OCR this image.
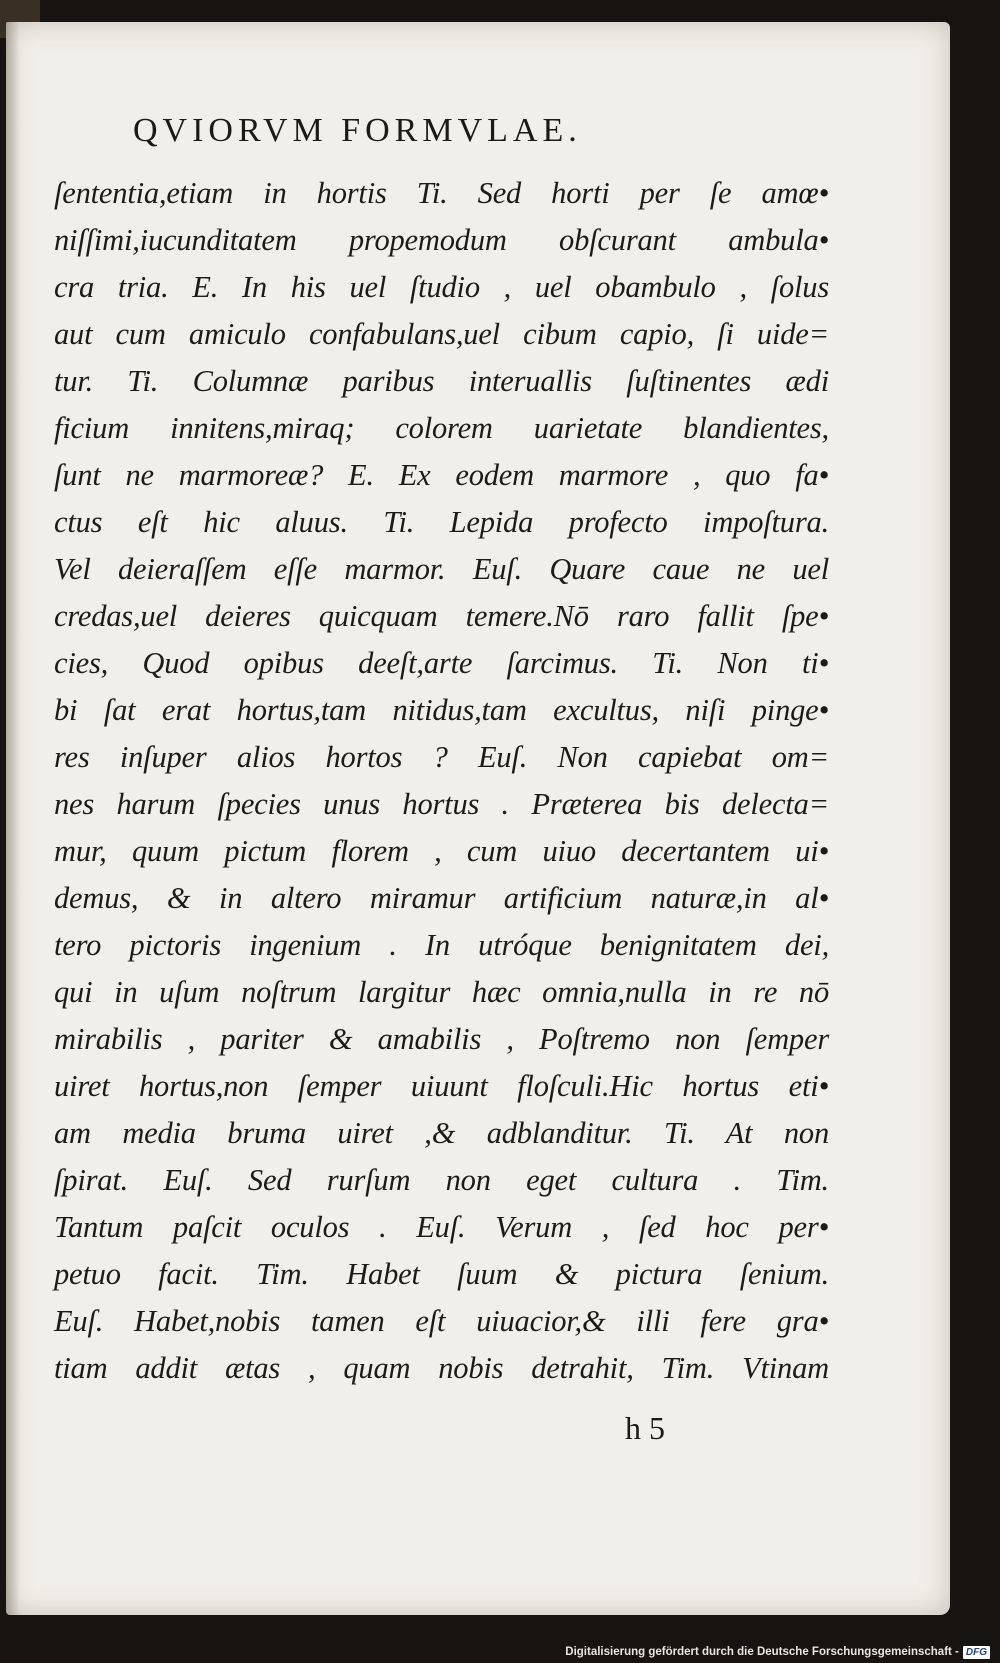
QVIORVM FORMVLAE.
ſententia,etiam in hortis Ti. Sed horti per ſe amœ•
niſſimi,iucunditatem propemodum obſcurant ambula•
cra tria. E. In his uel ſtudio , uel obambulo , ſolus
aut cum amiculo confabulans,uel cibum capio, ſi uide=
tur. Ti. Columnæ paribus interuallis ſuſtinentes ædi
ficium innitens,miraq; colorem uarietate blandientes,
ſunt ne marmoreæ? E. Ex eodem marmore , quo fa•
ctus eſt hic aluus. Ti. Lepida profecto impoſtura.
Vel deieraſſem eſſe marmor. Euſ. Quare caue ne uel
credas,uel deieres quicquam temere.Nō raro fallit ſpe•
cies, Quod opibus deeſt,arte ſarcimus. Ti. Non ti•
bi ſat erat hortus,tam nitidus,tam excultus, niſi pinge•
res inſuper alios hortos ? Euſ. Non capiebat om=
nes harum ſpecies unus hortus . Præterea bis delecta=
mur, quum pictum florem , cum uiuo decertantem ui•
demus, & in altero miramur artificium naturæ,in al•
tero pictoris ingenium . In utróque benignitatem dei,
qui in uſum noſtrum largitur hæc omnia,nulla in re nō
mirabilis , pariter & amabilis , Poſtremo non ſemper
uiret hortus,non ſemper uiuunt floſculi.Hic hortus eti•
am media bruma uiret ,& adblanditur. Ti. At non
ſpirat. Euſ. Sed rurſum non eget cultura . Tim.
Tantum paſcit oculos . Euſ. Verum , ſed hoc per•
petuo facit. Tim. Habet ſuum & pictura ſenium.
Euſ. Habet,nobis tamen eſt uiuacior,& illi fere gra•
tiam addit ætas , quam nobis detrahit, Tim. Vtinam
h 5
Digitalisierung gefördert durch die Deutsche Forschungsgemeinschaft - DFG
